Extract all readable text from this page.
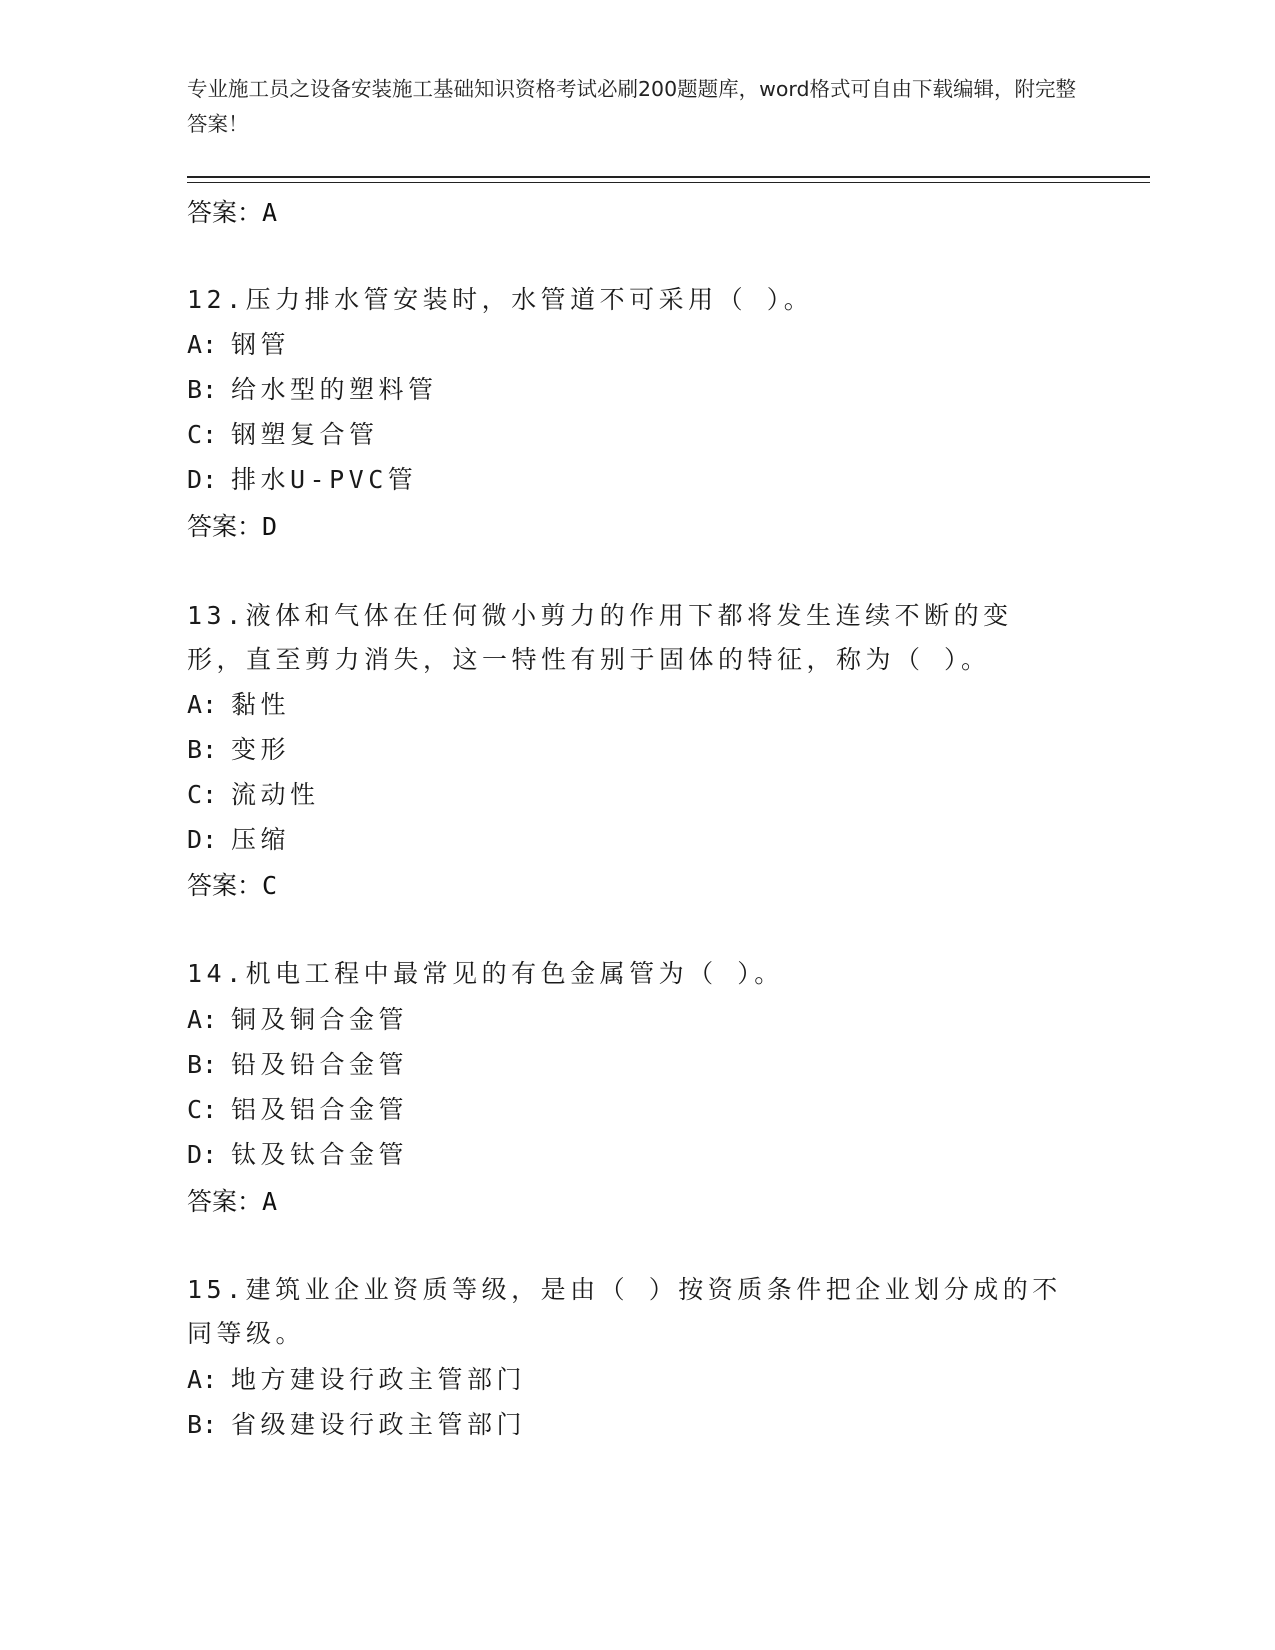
专业施工员之设备安装施工基础知识资格考试必刷200题题库，word格式可自由下载编辑，附完整答案！
答案：A
12.压力排水管安装时，水管道不可采用（ ）。
A: 钢管
B: 给水型的塑料管
C: 钢塑复合管
D: 排水U-PVC管
答案：D
13.液体和气体在任何微小剪力的作用下都将发生连续不断的变形，直至剪力消失，这一特性有别于固体的特征，称为（ ）。
A: 黏性
B: 变形
C: 流动性
D: 压缩
答案：C
14.机电工程中最常见的有色金属管为（ ）。
A: 铜及铜合金管
B: 铅及铅合金管
C: 铝及铝合金管
D: 钛及钛合金管
答案：A
15.建筑业企业资质等级，是由（ ）按资质条件把企业划分成的不同等级。
A: 地方建设行政主管部门
B: 省级建设行政主管部门
